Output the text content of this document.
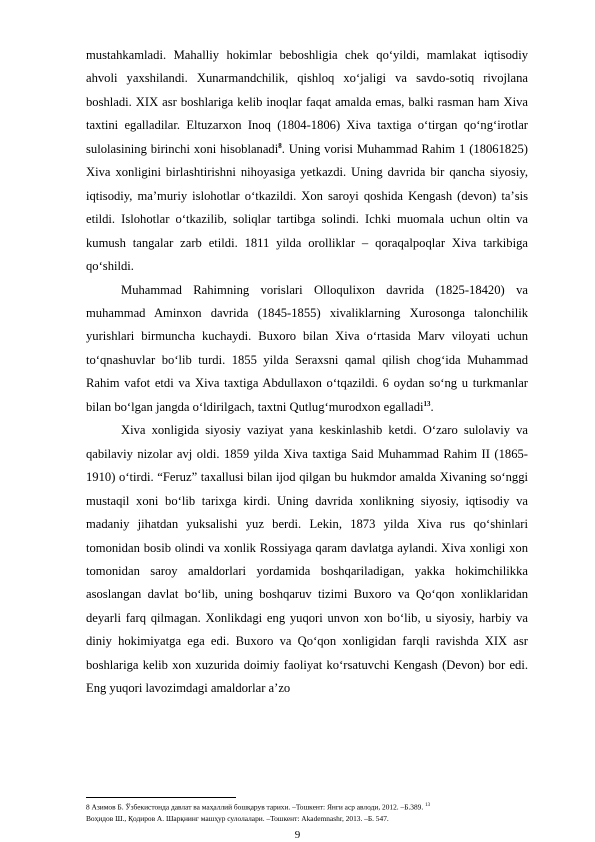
mustahkamladi. Mahalliy hokimlar beboshligia chek qoʻyildi, mamlakat iqtisodiy ahvoli yaxshilandi. Xunarmandchilik, qishloq xoʻjaligi va savdo-sotiq rivojlana boshladi. XIX asr boshlariga kelib inoqlar faqat amalda emas, balki rasman ham Xiva taxtini egalladilar. Eltuzarxon Inoq (1804-1806) Xiva taxtiga oʻtirgan qoʻngʻirotlar sulolasining birinchi xoni hisoblanadi$^8$. Uning vorisi Muhammad Rahim 1 (18061825) Xiva xonligini birlashtirishni nihoyasiga yetkazdi. Uning davrida bir qancha siyosiy, iqtisodiy, maʼmuriy islohotlar oʻtkazildi. Xon saroyi qoshida Kengash (devon) taʼsis etildi. Islohotlar oʻtkazilib, soliqlar tartibga solindi. Ichki muomala uchun oltin va kumush tangalar zarb etildi. 1811 yilda orolliklar – qoraqalpoqlar Xiva tarkibiga qoʻshildi.

Muhammad Rahimning vorislari Olloqulixon davrida (1825-18420) va muhammad Aminxon davrida (1845-1855) xivaliklarning Xurosonga talonchilik yurishlari birmuncha kuchaydi. Buxoro bilan Xiva oʻrtasida Marv viloyati uchun toʻqnashuvlar boʻlib turdi. 1855 yilda Seraxsni qamal qilish chogʻida Muhammad Rahim vafot etdi va Xiva taxtiga Abdullaxon oʻtqazildi. 6 oydan soʻng u turkmanlar bilan boʻlgan jangda oʻldirilgach, taxtni Qutlugʻmurodxon egalladi$^{13}$.

Xiva xonligida siyosiy vaziyat yana keskinlashib ketdi. Oʻzaro sulolaviy va qabilaviy nizolar avj oldi. 1859 yilda Xiva taxtiga Said Muhammad Rahim II (1865-1910) oʻtirdi. “Feruz” taxallusi bilan ijod qilgan bu hukmdor amalda Xivaning soʻnggi mustaqil xoni boʻlib tarixga kirdi. Uning davrida xonlikning siyosiy, iqtisodiy va madaniy jihatdan yuksalishi yuz berdi. Lekin, 1873 yilda Xiva rus qoʻshinlari tomonidan bosib olindi va xonlik Rossiyaga qaram davlatga aylandi. Xiva xonligi xon tomonidan saroy amaldorlari yordamida boshqariladigan, yakka hokimchilikka asoslangan davlat boʻlib, uning boshqaruv tizimi Buxoro va Qoʻqon xonliklaridan deyarli farq qilmagan. Xonlikdagi eng yuqori unvon xon boʻlib, u siyosiy, harbiy va diniy hokimiyatga ega edi. Buxoro va Qoʻqon xonligidan farqli ravishda XIX asr boshlariga kelib xon xuzurida doimiy faoliyat koʻrsatuvchi Kengash (Devon) bor edi. Eng yuqori lavozimdagi amaldorlar aʼzo

8 Азимов Б. Ўзбекистонда давлат ва маҳаллий бошқарув тарихи. –Тошкент: Янги аср авлоди, 2012. –Б.389. $^{13}$
Воҳидов Ш., Қодиров А. Шарқнинг машҳур сулолалари. –Тошкент: Akademnashr, 2013. –Б. 547.
9
